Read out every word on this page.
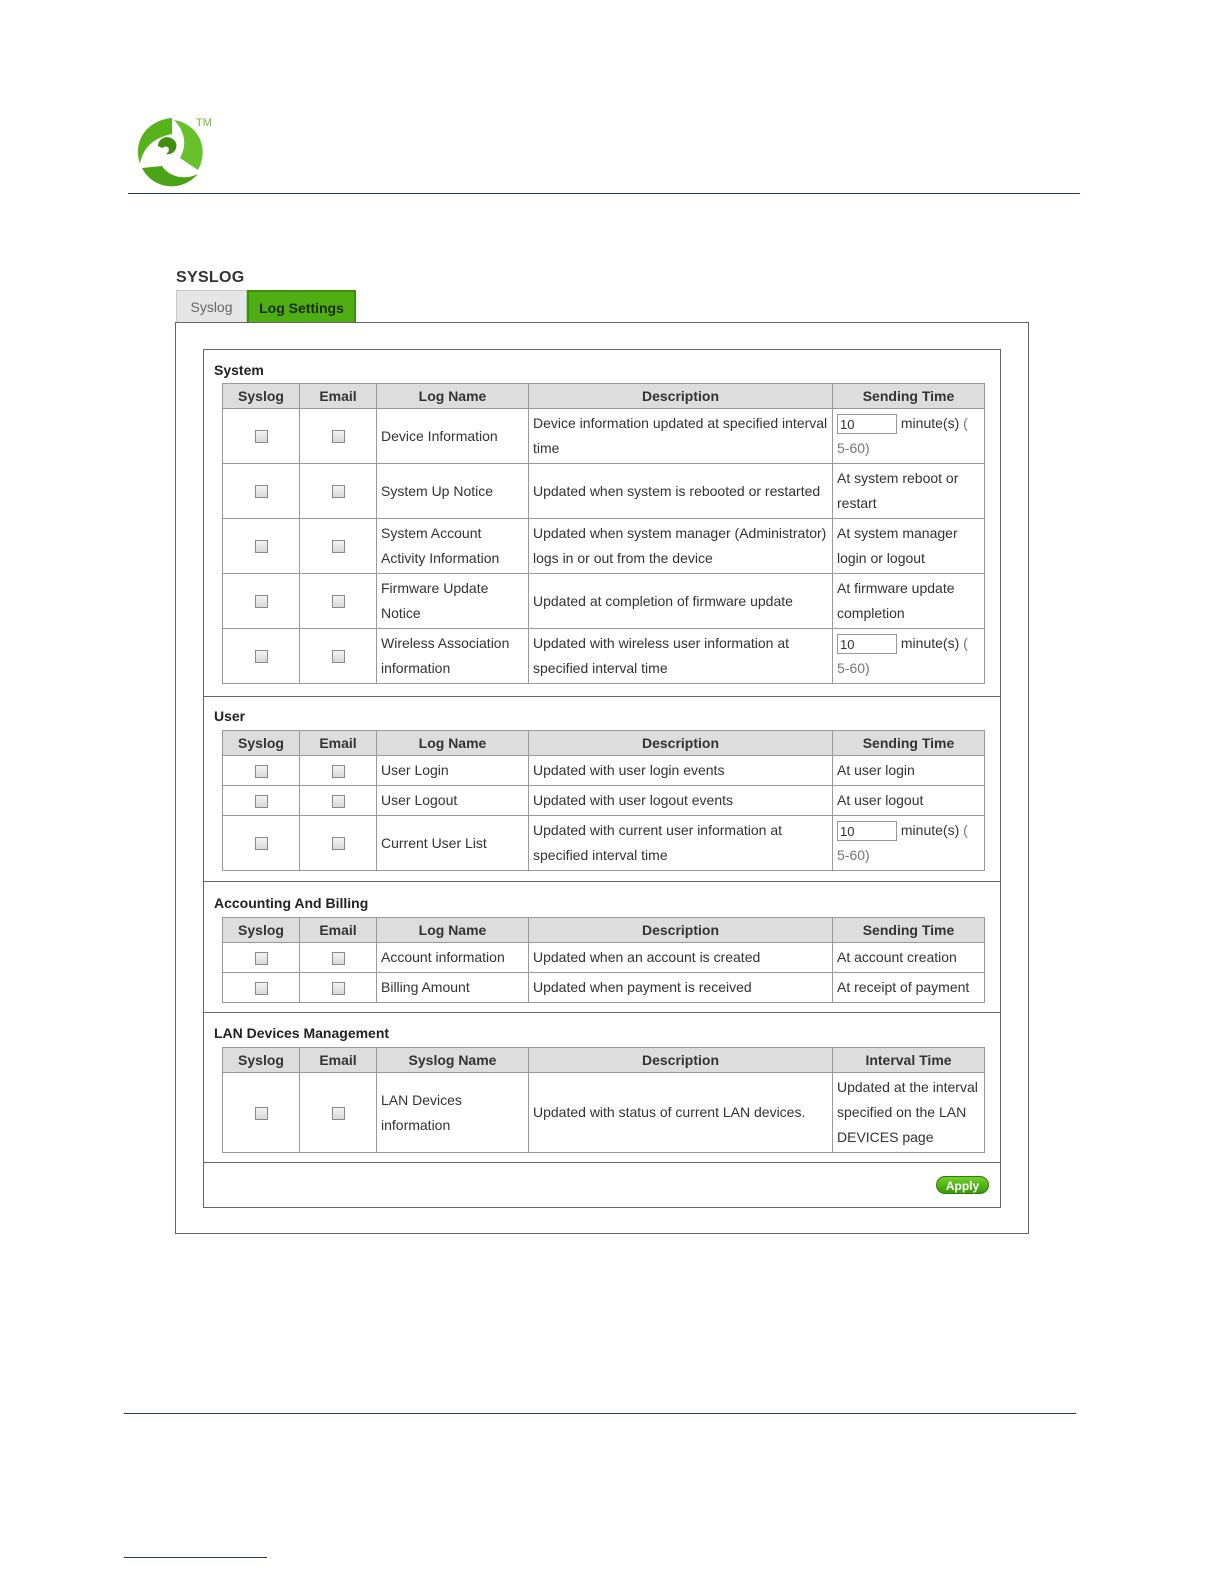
TM
SYSLOG
Syslog	Log Settings
System
Syslog	Email	Log Name	Description	Sending Time
		Device Information	Device information updated at specified interval time	10 minute(s) (
5-60)
		System Up Notice	Updated when system is rebooted or restarted	At system reboot or restart
		System Account Activity Information	Updated when system manager (Administrator) logs in or out from the device	At system manager login or logout
		Firmware Update Notice	Updated at completion of firmware update	At firmware update completion
		Wireless Association information	Updated with wireless user information at specified interval time	10 minute(s) (
5-60)
User
Syslog	Email	Log Name	Description	Sending Time
		User Login	Updated with user login events	At user login
		User Logout	Updated with user logout events	At user logout
		Current User List	Updated with current user information at specified interval time	10 minute(s) (
5-60)
Accounting And Billing
Syslog	Email	Log Name	Description	Sending Time
		Account information	Updated when an account is created	At account creation
		Billing Amount	Updated when payment is received	At receipt of payment
LAN Devices Management
Syslog	Email	Syslog Name	Description	Interval Time
		LAN Devices information	Updated with status of current LAN devices.	Updated at the interval specified on the LAN DEVICES page
Apply
